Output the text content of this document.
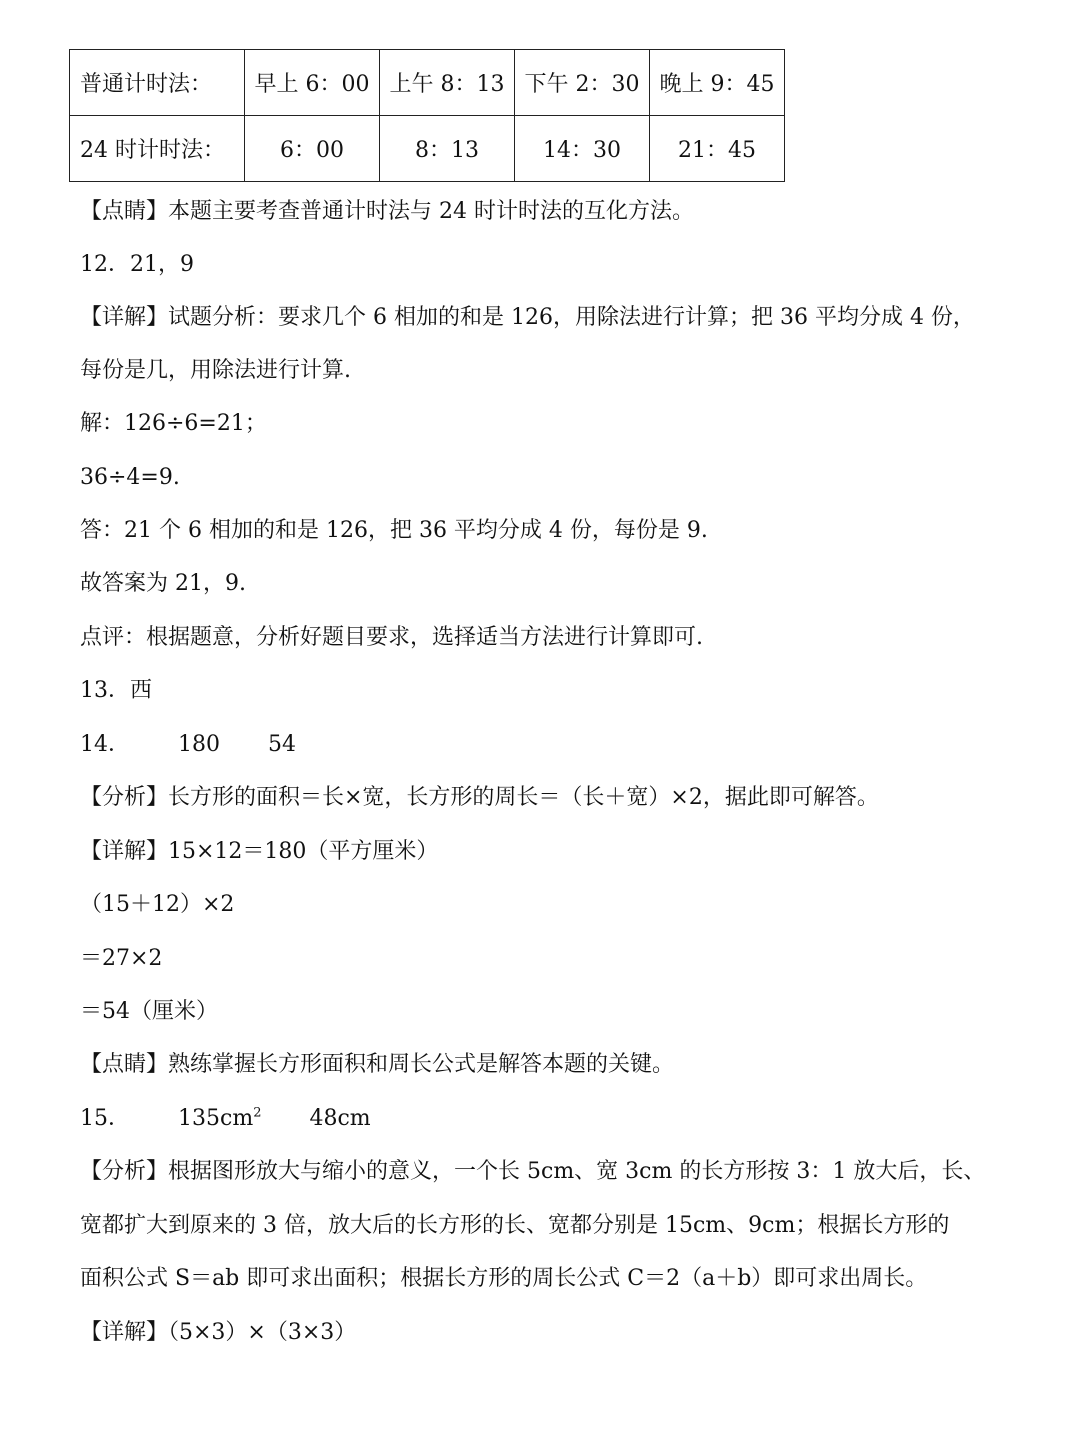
普通计时法：	早上 6：00	上午 8：13	下午 2：30	晚上 9：45
24 时计时法：	6：00	8：13	14：30	21：45
【点睛】本题主要考查普通计时法与 24 时计时法的互化方法。
12．21，9
【详解】试题分析：要求几个 6 相加的和是 126，用除法进行计算；把 36 平均分成 4 份，
每份是几，用除法进行计算.
解：126÷6=21；
36÷4=9.
答：21 个 6 相加的和是 126，把 36 平均分成 4 份，每份是 9.
故答案为 21，9.
点评：根据题意，分析好题目要求，选择适当方法进行计算即可.
13．西
14． 180 54
【分析】长方形的面积＝长×宽，长方形的周长＝（长＋宽）×2，据此即可解答。
【详解】15×12＝180（平方厘米）
（15＋12）×2
＝27×2
＝54（厘米）
【点睛】熟练掌握长方形面积和周长公式是解答本题的关键。
15． $135cm^2$ 48cm
【分析】根据图形放大与缩小的意义，一个长 5cm、宽 3cm 的长方形按 3：1 放大后，长、
宽都扩大到原来的 3 倍，放大后的长方形的长、宽都分别是 15cm、9cm；根据长方形的
面积公式 S＝ab 即可求出面积；根据长方形的周长公式 C＝2（a＋b）即可求出周长。
【详解】（5×3）×（3×3）
